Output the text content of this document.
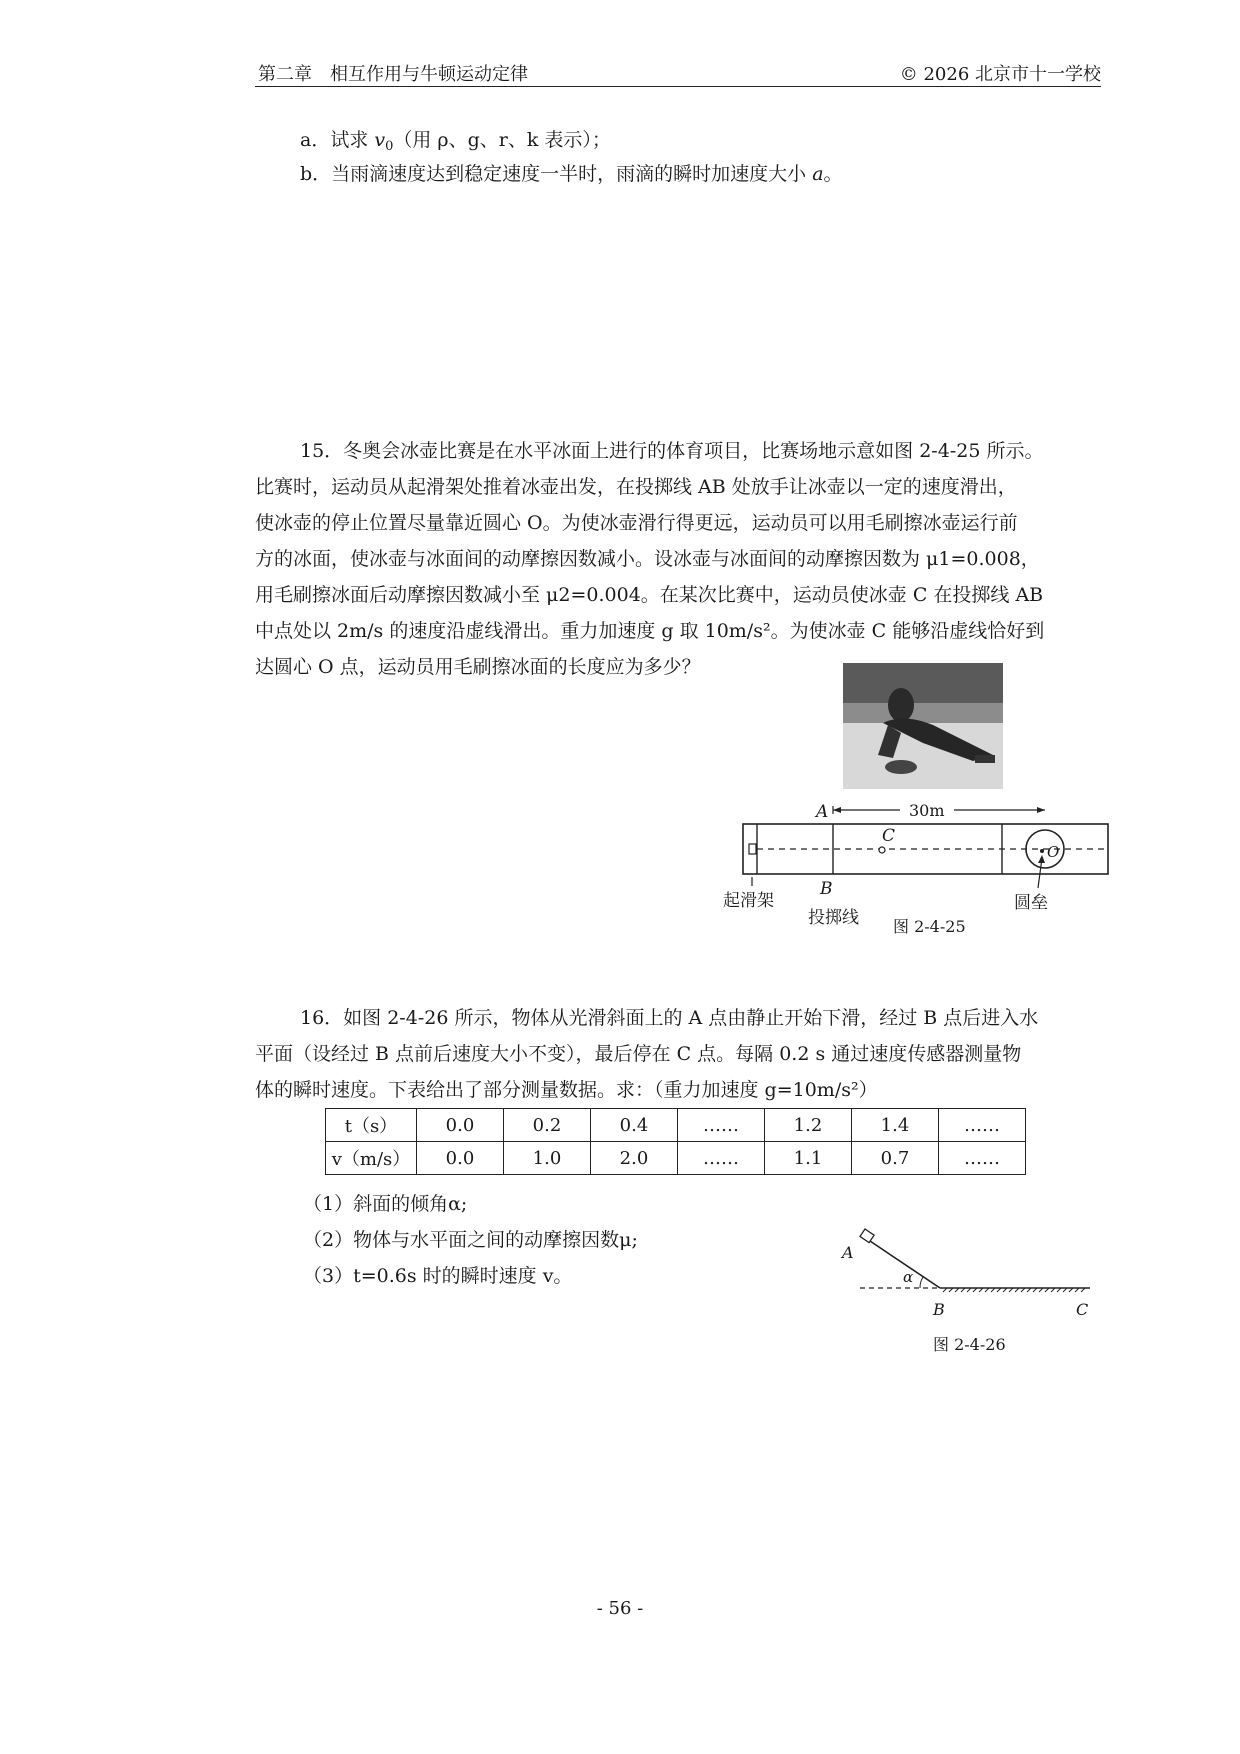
第二章　相互作用与牛顿运动定律	© 2026 北京市十一学校
a．试求 $v_0$（用 ρ、g、r、k 表示）；
b．当雨滴速度达到稳定速度一半时，雨滴的瞬时加速度大小 a。
15．冬奥会冰壶比赛是在水平冰面上进行的体育项目，比赛场地示意如图 2-4-25 所示。
比赛时，运动员从起滑架处推着冰壶出发，在投掷线 AB 处放手让冰壶以一定的速度滑出，
使冰壶的停止位置尽量靠近圆心 O。为使冰壶滑行得更远，运动员可以用毛刷擦冰壶运行前
方的冰面，使冰壶与冰面间的动摩擦因数减小。设冰壶与冰面间的动摩擦因数为 μ1=0.008，
用毛刷擦冰面后动摩擦因数减小至 μ2=0.004。在某次比赛中，运动员使冰壶 C 在投掷线 AB
中点处以 2m/s 的速度沿虚线滑出。重力加速度 g 取 10m/s²。为使冰壶 C 能够沿虚线恰好到
达圆心 O 点，运动员用毛刷擦冰面的长度应为多少？
A	30m
C
O
B
起滑架
投掷线
圆垒
图 2-4-25
16．如图 2-4-26 所示，物体从光滑斜面上的 A 点由静止开始下滑，经过 B 点后进入水
平面（设经过 B 点前后速度大小不变），最后停在 C 点。每隔 0.2 s 通过速度传感器测量物
体的瞬时速度。下表给出了部分测量数据。求：（重力加速度 g=10m/s²）
t（s）	0.0	0.2	0.4	……	1.2	1.4	……
v（m/s）	0.0	1.0	2.0	……	1.1	0.7	……
（1）斜面的倾角α;
（2）物体与水平面之间的动摩擦因数μ;
（3）t=0.6s 时的瞬时速度 v。
A
α
B	C
图 2-4-26
- 56 -
